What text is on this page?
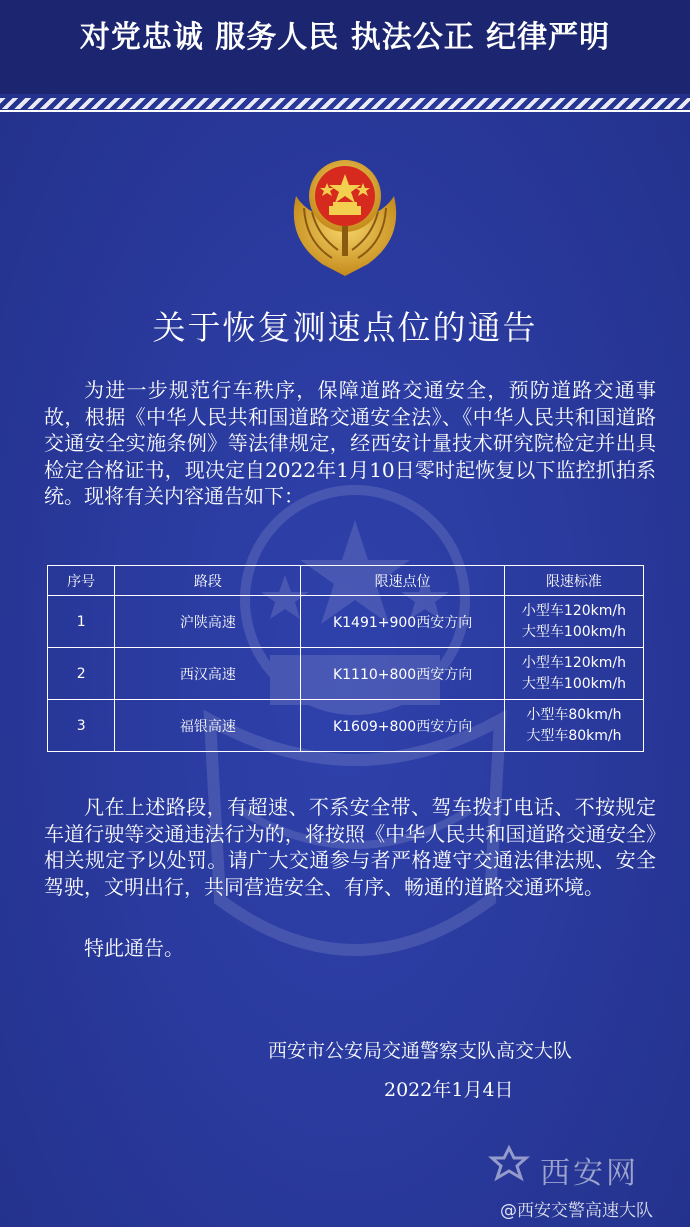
对党忠诚 服务人民 执法公正 纪律严明
关于恢复测速点位的通告
为进一步规范行车秩序，保障道路交通安全，预防道路交通事故，根据《中华人民共和国道路交通安全法》、《中华人民共和国道路交通安全实施条例》等法律规定，经西安计量技术研究院检定并出具检定合格证书，现决定自2022年1月10日零时起恢复以下监控抓拍系统。现将有关内容通告如下：
序号	路段	限速点位	限速标准
1	沪陕高速	K1491+900西安方向	小型车120km/h
大型车100km/h

2	西汉高速	K1110+800西安方向	小型车120km/h
大型车100km/h

3	福银高速	K1609+800西安方向	小型车80km/h
大型车80km/h
凡在上述路段，有超速、不系安全带、驾车拨打电话、不按规定车道行驶等交通违法行为的，将按照《中华人民共和国道路交通安全》相关规定予以处罚。请广大交通参与者严格遵守交通法律法规、安全驾驶，文明出行，共同营造安全、有序、畅通的道路交通环境。
特此通告。
西安市公安局交通警察支队高交大队
2022年1月4日
西安网
@西安交警高速大队
